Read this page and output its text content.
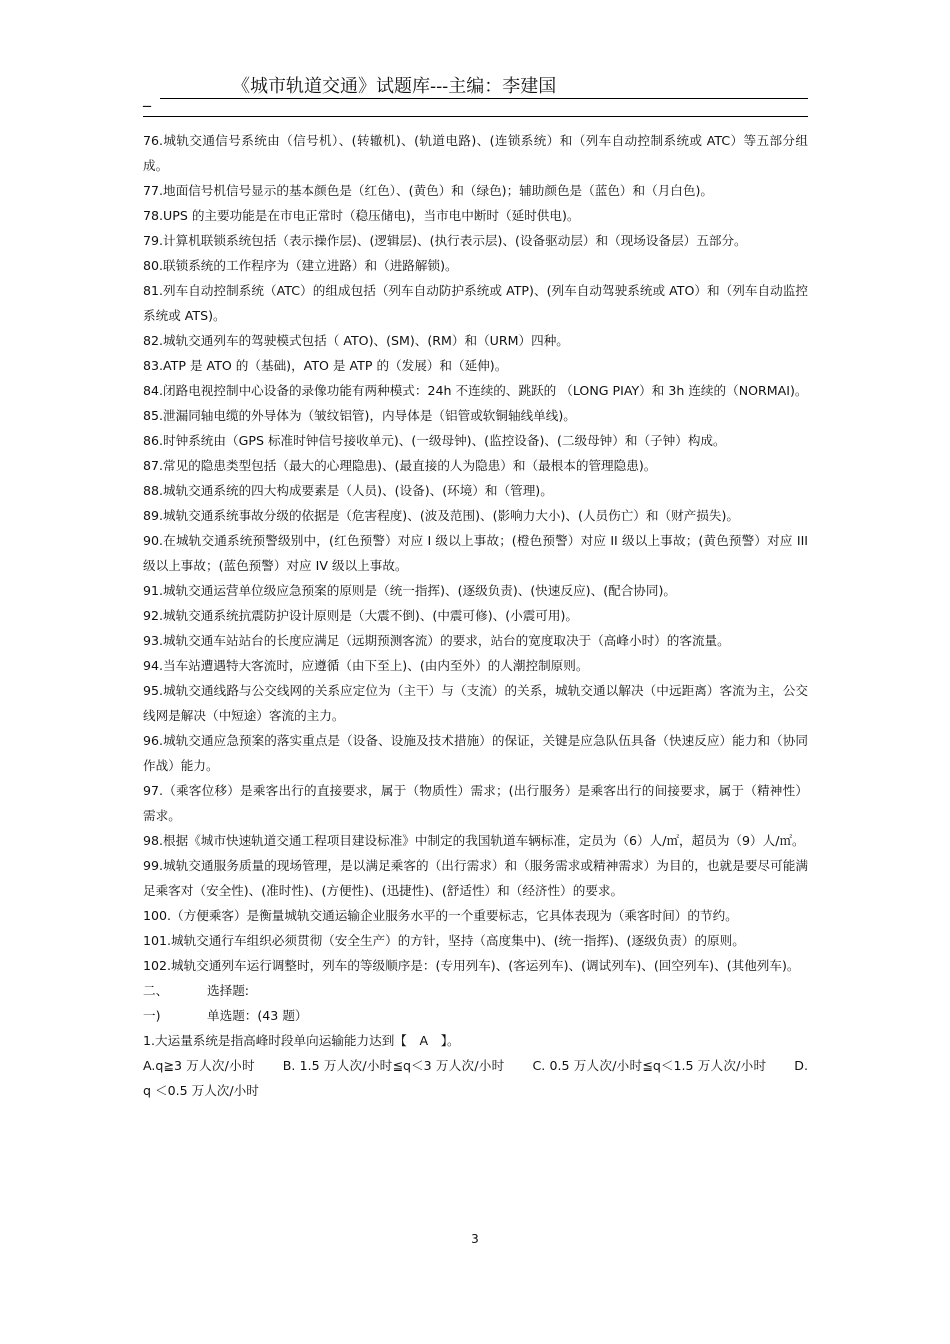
_
《城市轨道交通》试题库---主编：李建国

76.城轨交通信号系统由（信号机）、(转辙机)、(轨道电路)、(连锁系统）和（列车自动控制系统或 ATC）等五部分组成。

77.地面信号机信号显示的基本颜色是（红色）、(黄色）和（绿色)；辅助颜色是（蓝色）和（月白色)。

78.UPS 的主要功能是在市电正常时（稳压储电)，当市电中断时（延时供电)。

79.计算机联锁系统包括（表示操作层)、(逻辑层)、(执行表示层)、(设备驱动层）和（现场设备层）五部分。

80.联锁系统的工作程序为（建立进路）和（进路解锁)。

81.列车自动控制系统（ATC）的组成包括（列车自动防护系统或 ATP)、(列车自动驾驶系统或 ATO）和（列车自动监控系统或 ATS)。

82.城轨交通列车的驾驶模式包括（ ATO)、(SM)、(RM）和（URM）四种。

83.ATP 是 ATO 的（基础)，ATO 是 ATP 的（发展）和（延伸)。

84.闭路电视控制中心设备的录像功能有两种模式：24h 不连续的、跳跃的 （LONG PIAY）和 3h 连续的（NORMAI)。

85.泄漏同轴电缆的外导体为（皱纹铝管)，内导体是（铝管或软铜轴线单线)。

86.时钟系统由（GPS 标准时钟信号接收单元)、(一级母钟)、(监控设备)、(二级母钟）和（子钟）构成。

87.常见的隐患类型包括（最大的心理隐患)、(最直接的人为隐患）和（最根本的管理隐患)。

88.城轨交通系统的四大构成要素是（人员)、(设备)、(环境）和（管理)。

89.城轨交通系统事故分级的依据是（危害程度)、(波及范围)、(影响力大小)、(人员伤亡）和（财产损失)。

90.在城轨交通系统预警级别中，(红色预警）对应 I 级以上事故；(橙色预警）对应 II 级以上事故；(黄色预警）对应 III 级以上事故；(蓝色预警）对应 IV 级以上事故。

91.城轨交通运营单位级应急预案的原则是（统一指挥)、(逐级负责)、(快速反应)、(配合协同)。

92.城轨交通系统抗震防护设计原则是（大震不倒)、(中震可修)、(小震可用)。

93.城轨交通车站站台的长度应满足（远期预测客流）的要求，站台的宽度取决于（高峰小时）的客流量。

94.当车站遭遇特大客流时，应遵循（由下至上)、(由内至外）的人潮控制原则。

95.城轨交通线路与公交线网的关系应定位为（主干）与（支流）的关系，城轨交通以解决（中远距离）客流为主，公交线网是解决（中短途）客流的主力。

96.城轨交通应急预案的落实重点是（设备、设施及技术措施）的保证，关键是应急队伍具备（快速反应）能力和（协同作战）能力。

97.（乘客位移）是乘客出行的直接要求，属于（物质性）需求；(出行服务）是乘客出行的间接要求，属于（精神性）需求。

98.根据《城市快速轨道交通工程项目建设标准》中制定的我国轨道车辆标准，定员为（6）人/㎡，超员为（9）人/㎡。

99.城轨交通服务质量的现场管理，是以满足乘客的（出行需求）和（服务需求或精神需求）为目的，也就是要尽可能满足乘客对（安全性)、(准时性)、(方便性)、(迅捷性)、(舒适性）和（经济性）的要求。

100.（方便乘客）是衡量城轨交通运输企业服务水平的一个重要标志，它具体表现为（乘客时间）的节约。

101.城轨交通行车组织必须贯彻（安全生产）的方针，坚持（高度集中)、(统一指挥)、(逐级负责）的原则。

102.城轨交通列车运行调整时，列车的等级顺序是：(专用列车)、(客运列车)、(调试列车)、(回空列车)、(其他列车)。

二、	选择题:

一)	单选题：(43 题）

1.大运量系统是指高峰时段单向运输能力达到【　A　】。

A.q≧3 万人次/小时 B. 1.5 万人次/小时≦q＜3 万人次/小时 C. 0.5 万人次/小时≦q＜1.5 万人次/小时 D. q ＜0.5 万人次/小时

3
